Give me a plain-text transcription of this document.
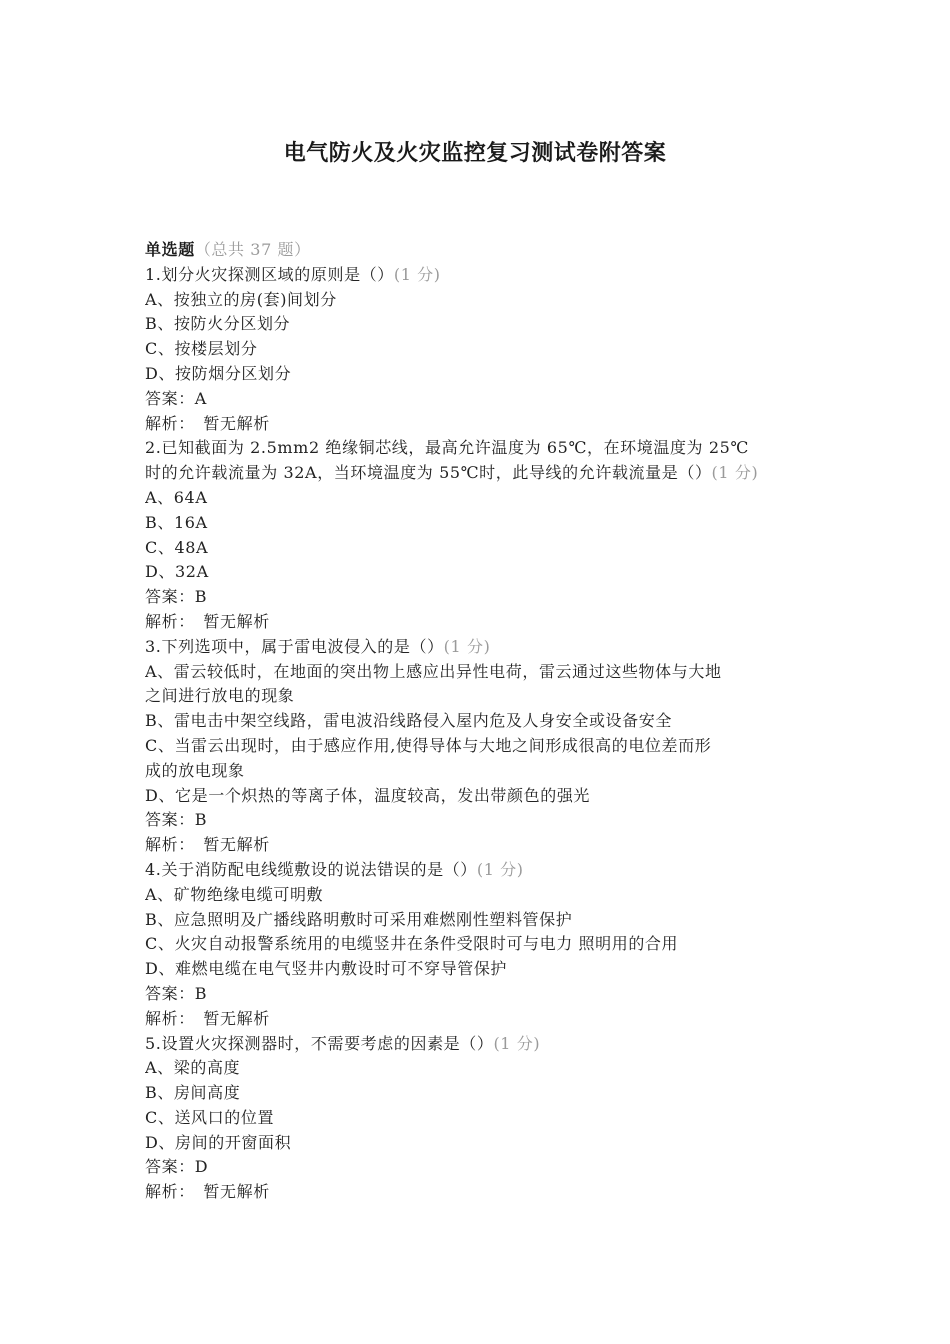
电气防火及火灾监控复习测试卷附答案
单选题（总共 37 题）
1.划分火灾探测区域的原则是（）(1 分)
A、按独立的房(套)间划分
B、按防火分区划分
C、按楼层划分
D、按防烟分区划分
答案：A
解析：　暂无解析
2.已知截面为 2.5mm2 绝缘铜芯线，最高允许温度为 65℃，在环境温度为 25℃
时的允许载流量为 32A，当环境温度为 55℃时，此导线的允许载流量是（）(1 分)
A、64A
B、16A
C、48A
D、32A
答案：B
解析：　暂无解析
3.下列选项中，属于雷电波侵入的是（）(1 分)
A、雷云较低时，在地面的突出物上感应出异性电荷，雷云通过这些物体与大地
之间进行放电的现象
B、雷电击中架空线路，雷电波沿线路侵入屋内危及人身安全或设备安全
C、当雷云出现时，由于感应作用,使得导体与大地之间形成很高的电位差而形
成的放电现象
D、它是一个炽热的等离子体，温度较高，发出带颜色的强光
答案：B
解析：　暂无解析
4.关于消防配电线缆敷设的说法错误的是（）(1 分)
A、矿物绝缘电缆可明敷
B、应急照明及广播线路明敷时可采用难燃刚性塑料管保护
C、火灾自动报警系统用的电缆竖井在条件受限时可与电力 照明用的合用
D、难燃电缆在电气竖井内敷设时可不穿导管保护
答案：B
解析：　暂无解析
5.设置火灾探测器时，不需要考虑的因素是（）(1 分)
A、梁的高度
B、房间高度
C、送风口的位置
D、房间的开窗面积
答案：D
解析：　暂无解析
